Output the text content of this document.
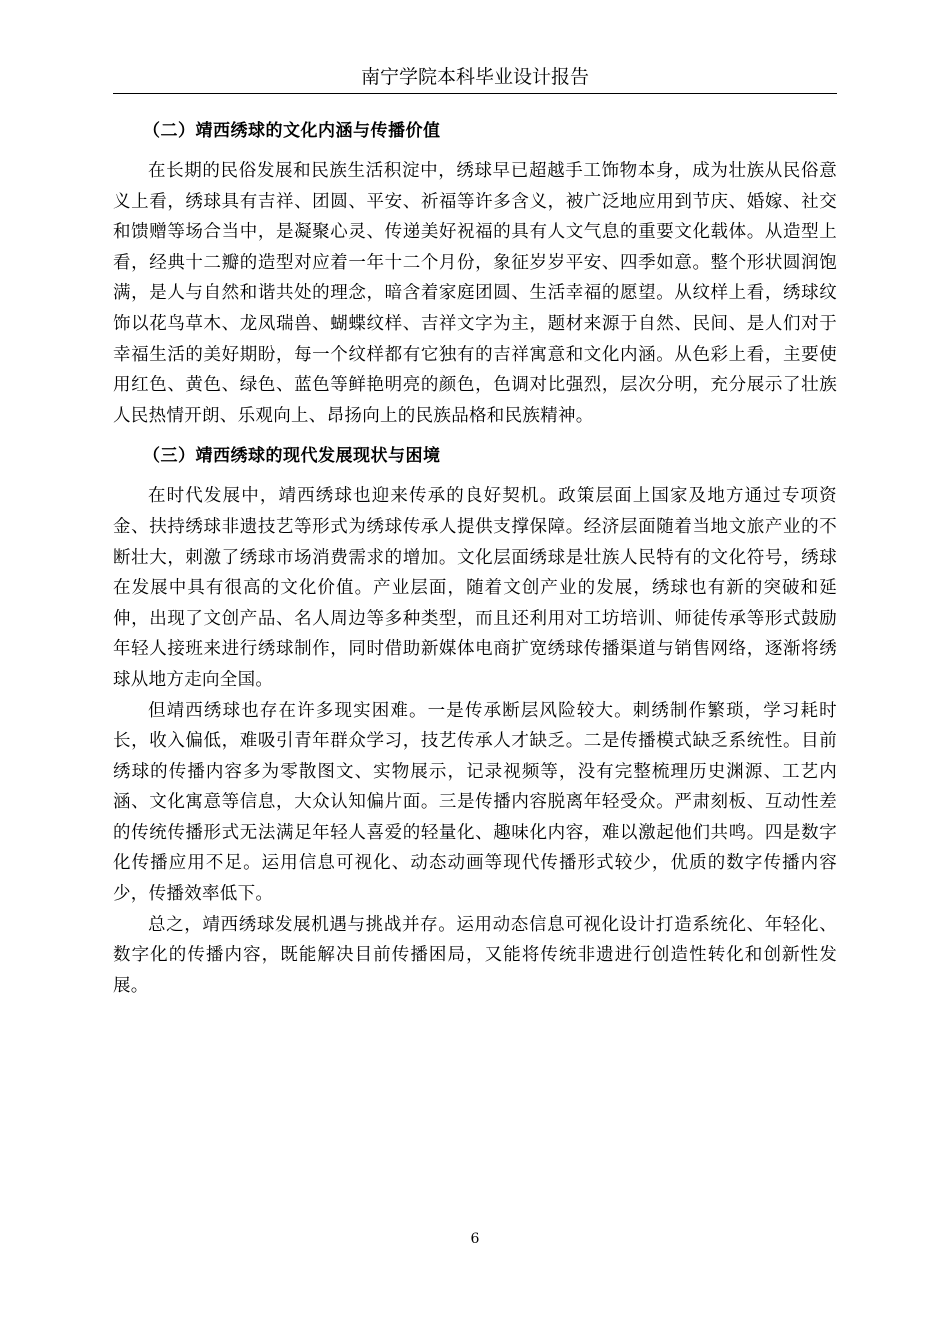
南宁学院本科毕业设计报告
（二）靖西绣球的文化内涵与传播价值

在长期的民俗发展和民族生活积淀中，绣球早已超越手工饰物本身，成为壮族从民俗意义上看，绣球具有吉祥、团圆、平安、祈福等许多含义，被广泛地应用到节庆、婚嫁、社交和馈赠等场合当中，是凝聚心灵、传递美好祝福的具有人文气息的重要文化载体。从造型上看，经典十二瓣的造型对应着一年十二个月份，象征岁岁平安、四季如意。整个形状圆润饱满，是人与自然和谐共处的理念，暗含着家庭团圆、生活幸福的愿望。从纹样上看，绣球纹饰以花鸟草木、龙凤瑞兽、蝴蝶纹样、吉祥文字为主，题材来源于自然、民间、是人们对于幸福生活的美好期盼，每一个纹样都有它独有的吉祥寓意和文化内涵。从色彩上看，主要使用红色、黄色、绿色、蓝色等鲜艳明亮的颜色，色调对比强烈，层次分明，充分展示了壮族人民热情开朗、乐观向上、昂扬向上的民族品格和民族精神。

（三）靖西绣球的现代发展现状与困境

在时代发展中，靖西绣球也迎来传承的良好契机。政策层面上国家及地方通过专项资金、扶持绣球非遗技艺等形式为绣球传承人提供支撑保障。经济层面随着当地文旅产业的不断壮大，刺激了绣球市场消费需求的增加。文化层面绣球是壮族人民特有的文化符号，绣球在发展中具有很高的文化价值。产业层面，随着文创产业的发展，绣球也有新的突破和延伸，出现了文创产品、名人周边等多种类型，而且还利用对工坊培训、师徒传承等形式鼓励年轻人接班来进行绣球制作，同时借助新媒体电商扩宽绣球传播渠道与销售网络，逐渐将绣球从地方走向全国。

但靖西绣球也存在许多现实困难。一是传承断层风险较大。刺绣制作繁琐，学习耗时长，收入偏低，难吸引青年群众学习，技艺传承人才缺乏。二是传播模式缺乏系统性。目前绣球的传播内容多为零散图文、实物展示，记录视频等，没有完整梳理历史渊源、工艺内涵、文化寓意等信息，大众认知偏片面。三是传播内容脱离年轻受众。严肃刻板、互动性差的传统传播形式无法满足年轻人喜爱的轻量化、趣味化内容，难以激起他们共鸣。四是数字化传播应用不足。运用信息可视化、动态动画等现代传播形式较少，优质的数字传播内容少，传播效率低下。

总之，靖西绣球发展机遇与挑战并存。运用动态信息可视化设计打造系统化、年轻化、数字化的传播内容，既能解决目前传播困局，又能将传统非遗进行创造性转化和创新性发展。

6
